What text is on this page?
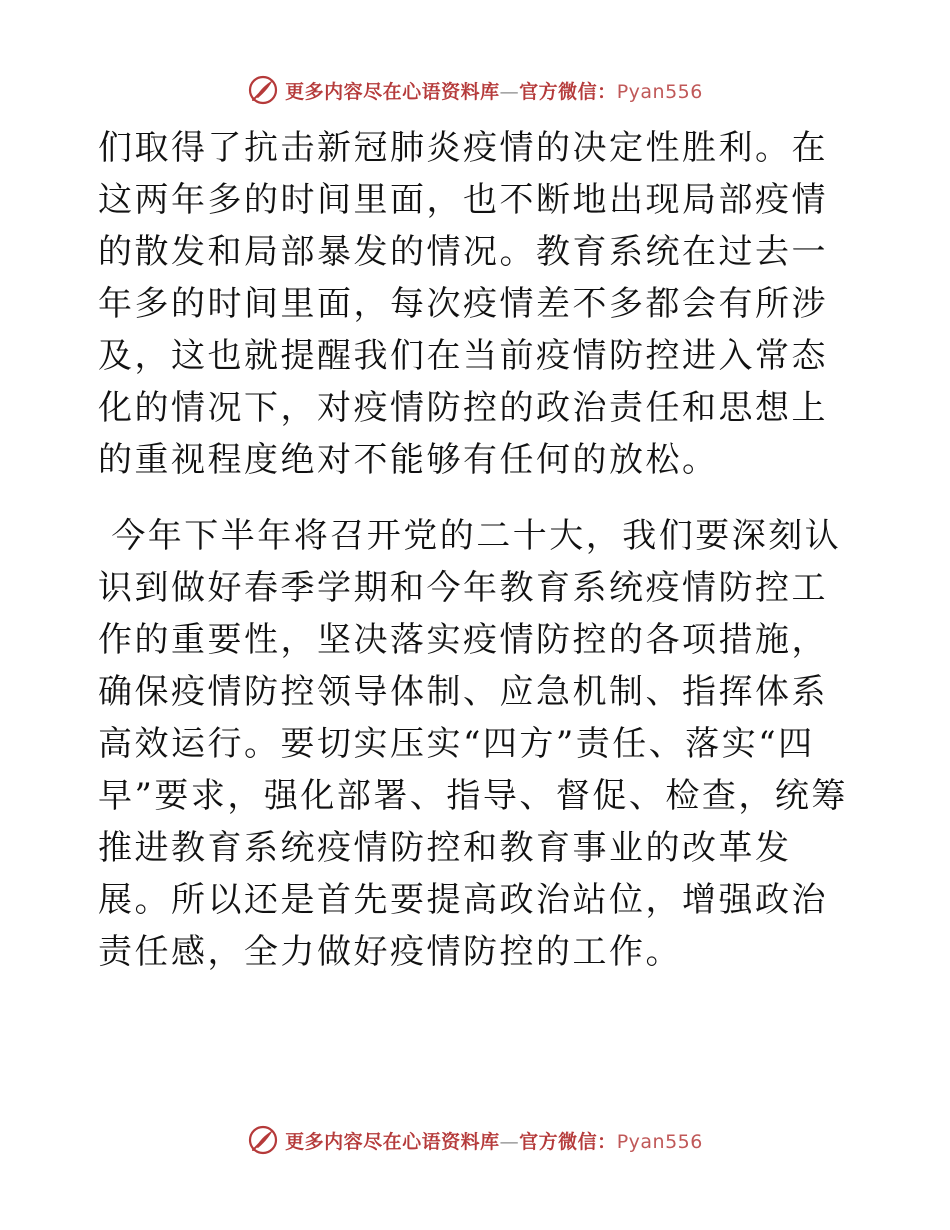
更多内容尽在心语资料库—官方微信：Pyan556

们取得了抗击新冠肺炎疫情的决定性胜利。在这两年多的时间里面，也不断地出现局部疫情的散发和局部暴发的情况。教育系统在过去一年多的时间里面，每次疫情差不多都会有所涉及，这也就提醒我们在当前疫情防控进入常态化的情况下，对疫情防控的政治责任和思想上的重视程度绝对不能够有任何的放松。

今年下半年将召开党的二十大，我们要深刻认识到做好春季学期和今年教育系统疫情防控工作的重要性，坚决落实疫情防控的各项措施，确保疫情防控领导体制、应急机制、指挥体系高效运行。要切实压实“四方”责任、落实“四早”要求，强化部署、指导、督促、检查，统筹推进教育系统疫情防控和教育事业的改革发展。所以还是首先要提高政治站位，增强政治责任感，全力做好疫情防控的工作。

更多内容尽在心语资料库—官方微信：Pyan556
